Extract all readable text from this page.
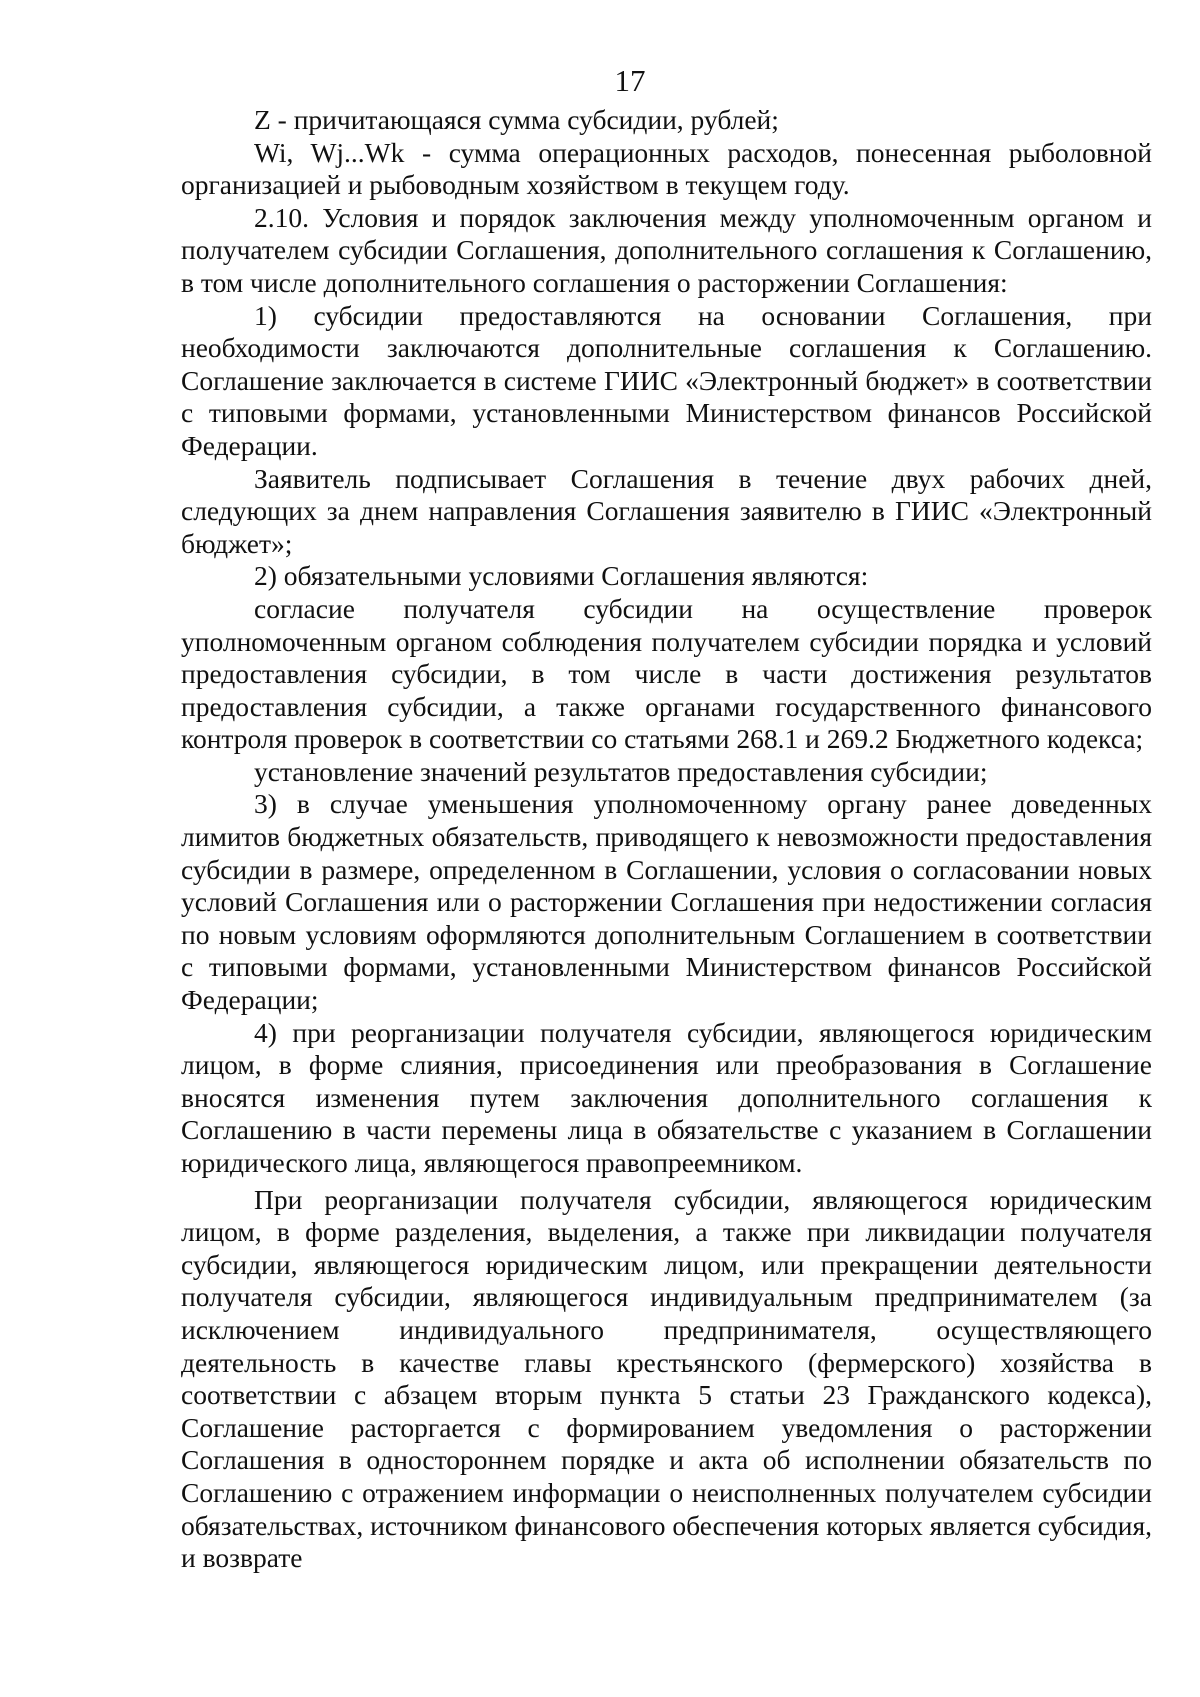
17

Z - причитающаяся сумма субсидии, рублей;

Wi, Wj...Wk - сумма операционных расходов, понесенная рыболовной организацией и рыбоводным хозяйством в текущем году.

2.10. Условия и порядок заключения между уполномоченным органом и получателем субсидии Соглашения, дополнительного соглашения к Соглашению, в том числе дополнительного соглашения о расторжении Соглашения:

1) субсидии предоставляются на основании Соглашения, при необходимости заключаются дополнительные соглашения к Соглашению. Соглашение заключается в системе ГИИС «Электронный бюджет» в соответствии с типовыми формами, установленными Министерством финансов Российской Федерации.

Заявитель подписывает Соглашения в течение двух рабочих дней, следующих за днем направления Соглашения заявителю в ГИИС «Электронный бюджет»;

2) обязательными условиями Соглашения являются:

согласие получателя субсидии на осуществление проверок уполномоченным органом соблюдения получателем субсидии порядка и условий предоставления субсидии, в том числе в части достижения результатов предоставления субсидии, а также органами государственного финансового контроля проверок в соответствии со статьями 268.1 и 269.2 Бюджетного кодекса;

установление значений результатов предоставления субсидии;

3) в случае уменьшения уполномоченному органу ранее доведенных лимитов бюджетных обязательств, приводящего к невозможности предоставления субсидии в размере, определенном в Соглашении, условия о согласовании новых условий Соглашения или о расторжении Соглашения при недостижении согласия по новым условиям оформляются дополнительным Соглашением в соответствии с типовыми формами, установленными Министерством финансов Российской Федерации;

4) при реорганизации получателя субсидии, являющегося юридическим лицом, в форме слияния, присоединения или преобразования в Соглашение вносятся изменения путем заключения дополнительного соглашения к Соглашению в части перемены лица в обязательстве с указанием в Соглашении юридического лица, являющегося правопреемником.

При реорганизации получателя субсидии, являющегося юридическим лицом, в форме разделения, выделения, а также при ликвидации получателя субсидии, являющегося юридическим лицом, или прекращении деятельности получателя субсидии, являющегося индивидуальным предпринимателем (за исключением индивидуального предпринимателя, осуществляющего деятельность в качестве главы крестьянского (фермерского) хозяйства в соответствии с абзацем вторым пункта 5 статьи 23 Гражданского кодекса), Соглашение расторгается с формированием уведомления о расторжении Соглашения в одностороннем порядке и акта об исполнении обязательств по Соглашению с отражением информации о неисполненных получателем субсидии обязательствах, источником финансового обеспечения которых является субсидия, и возврате
